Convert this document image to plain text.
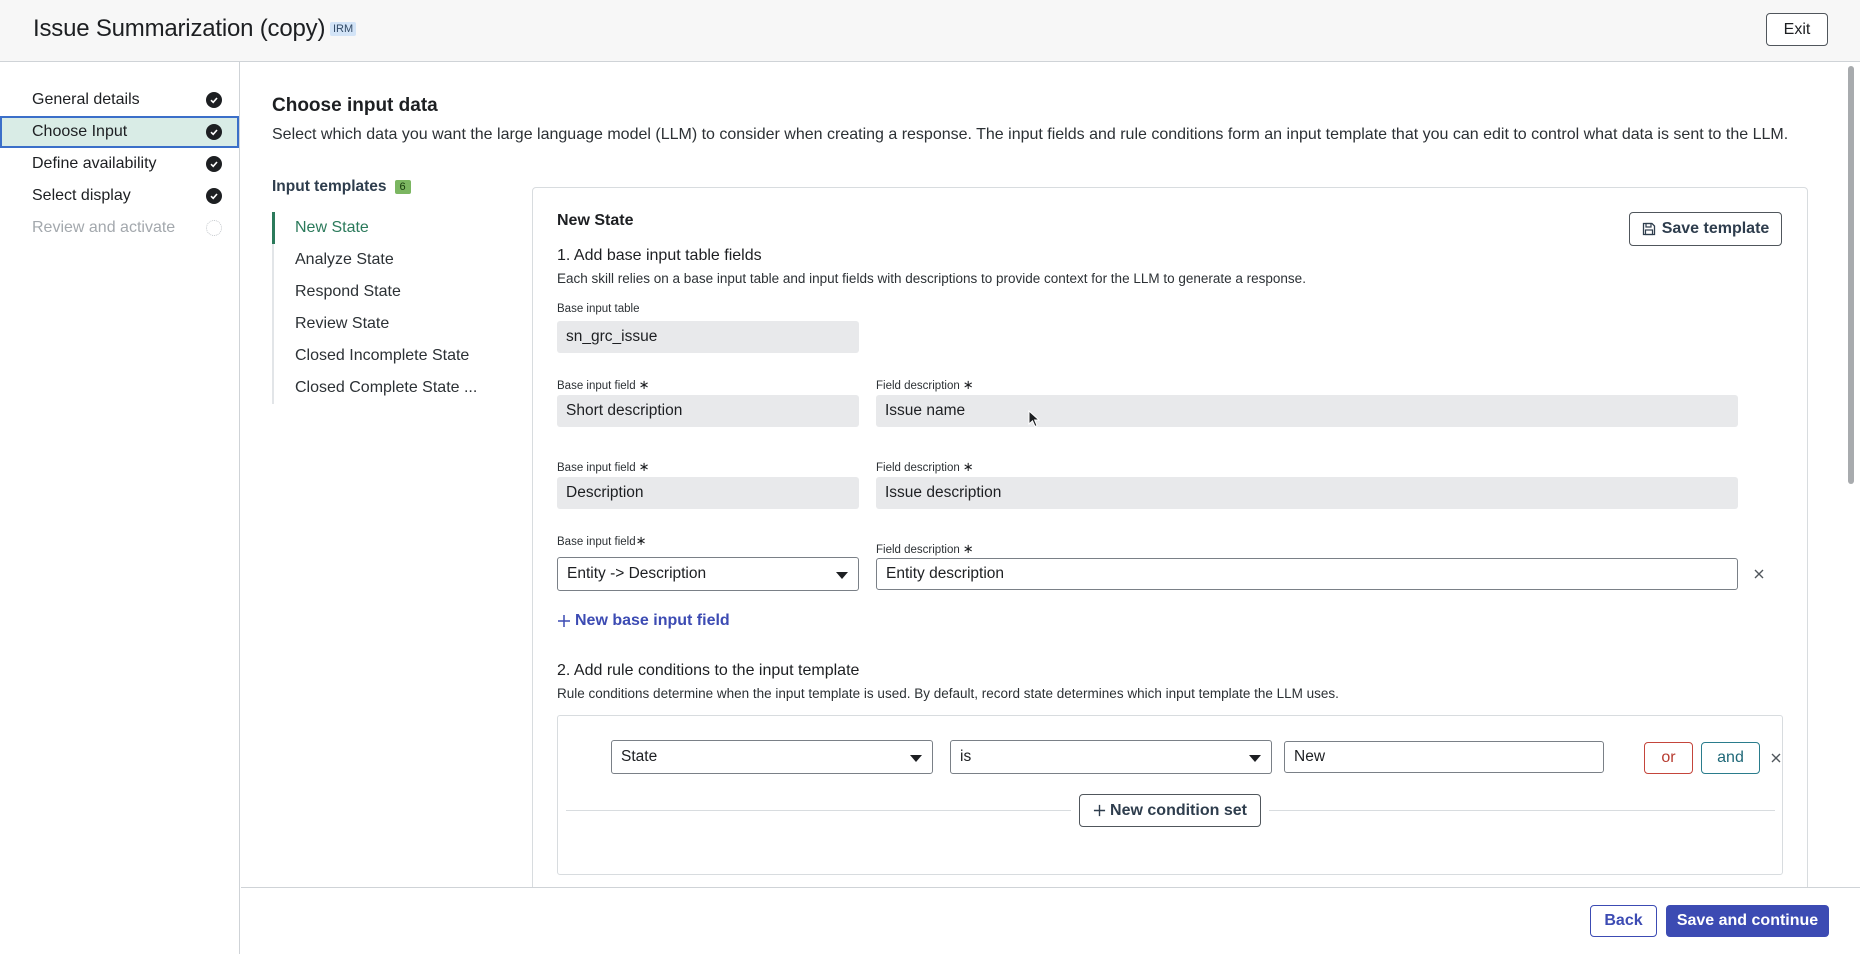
Issue Summarization (copy) IRM	Exit
General details
Choose Input
Define availability
Select display
Review and activate
Choose input data
Select which data you want the large language model (LLM) to consider when creating a response. The input fields and rule conditions form an input template that you can edit to control what data is sent to the LLM.
Input templates	6
New State
Analyze State
Respond State
Review State
Closed Incomplete State
Closed Complete State ...
New State	Save template
1. Add base input table fields
Each skill relies on a base input table and input fields with descriptions to provide context for the LLM to generate a response.
Base input table
sn_grc_issue
Base input field ∗	Field description ∗
Short description	Issue name
Base input field ∗	Field description ∗
Description	Issue description
Base input field∗
Field description ∗
Entity -> Description	Entity description
New base input field
2. Add rule conditions to the input template
Rule conditions determine when the input template is used. By default, record state determines which input template the LLM uses.
State	is	New	or	and
New condition set
Back	Save and continue
